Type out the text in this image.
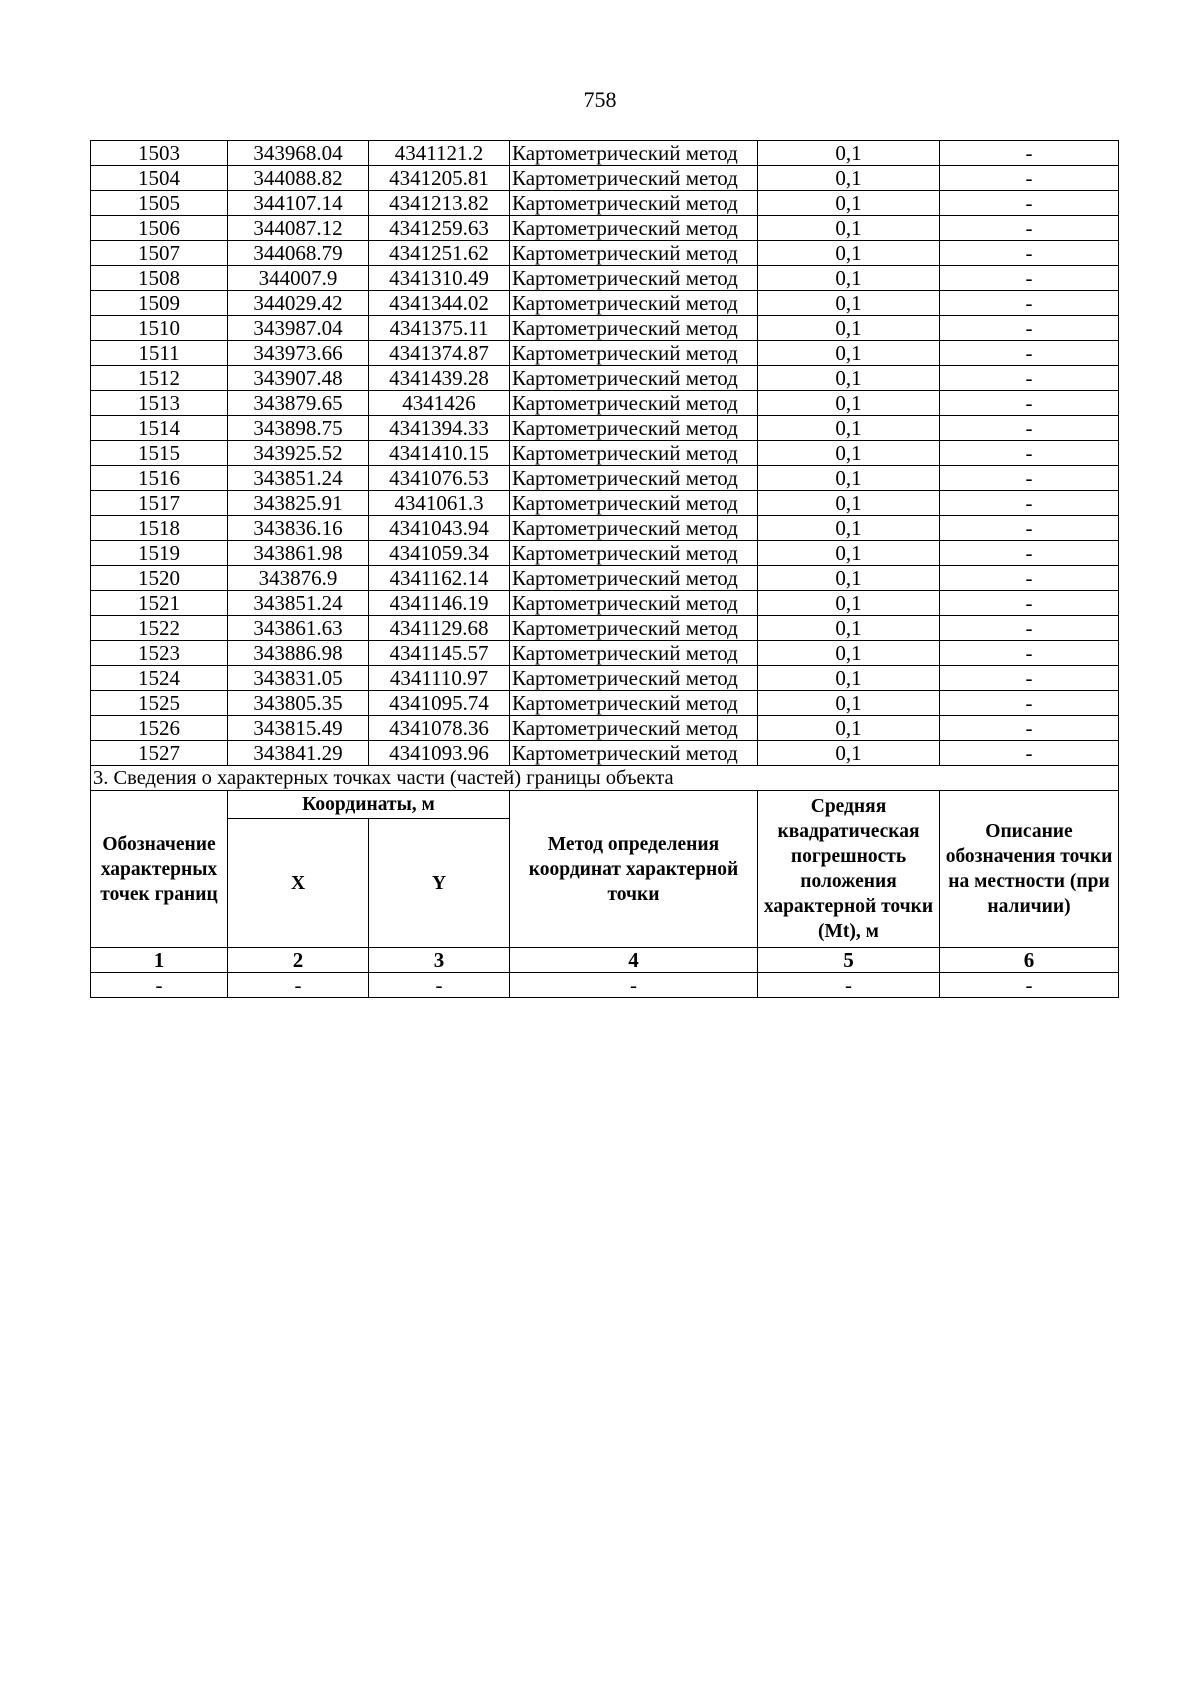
758
1503	343968.04	4341121.2	Картометрический метод	0,1	-
1504	344088.82	4341205.81	Картометрический метод	0,1	-
1505	344107.14	4341213.82	Картометрический метод	0,1	-
1506	344087.12	4341259.63	Картометрический метод	0,1	-
1507	344068.79	4341251.62	Картометрический метод	0,1	-
1508	344007.9	4341310.49	Картометрический метод	0,1	-
1509	344029.42	4341344.02	Картометрический метод	0,1	-
1510	343987.04	4341375.11	Картометрический метод	0,1	-
1511	343973.66	4341374.87	Картометрический метод	0,1	-
1512	343907.48	4341439.28	Картометрический метод	0,1	-
1513	343879.65	4341426	Картометрический метод	0,1	-
1514	343898.75	4341394.33	Картометрический метод	0,1	-
1515	343925.52	4341410.15	Картометрический метод	0,1	-
1516	343851.24	4341076.53	Картометрический метод	0,1	-
1517	343825.91	4341061.3	Картометрический метод	0,1	-
1518	343836.16	4341043.94	Картометрический метод	0,1	-
1519	343861.98	4341059.34	Картометрический метод	0,1	-
1520	343876.9	4341162.14	Картометрический метод	0,1	-
1521	343851.24	4341146.19	Картометрический метод	0,1	-
1522	343861.63	4341129.68	Картометрический метод	0,1	-
1523	343886.98	4341145.57	Картометрический метод	0,1	-
1524	343831.05	4341110.97	Картометрический метод	0,1	-
1525	343805.35	4341095.74	Картометрический метод	0,1	-
1526	343815.49	4341078.36	Картометрический метод	0,1	-
1527	343841.29	4341093.96	Картометрический метод	0,1	-
3. Сведения о характерных точках части (частей) границы объекта					
Обозначение характерных точек границ	Координаты, м		Метод определения координат характерной точки	Средняя квадратическая погрешность положения характерной точки (Mt), м	Описание обозначения точки на местности (при наличии)
	X	Y			
1	2	3	4	5	6
-	-	-	-	-	-
